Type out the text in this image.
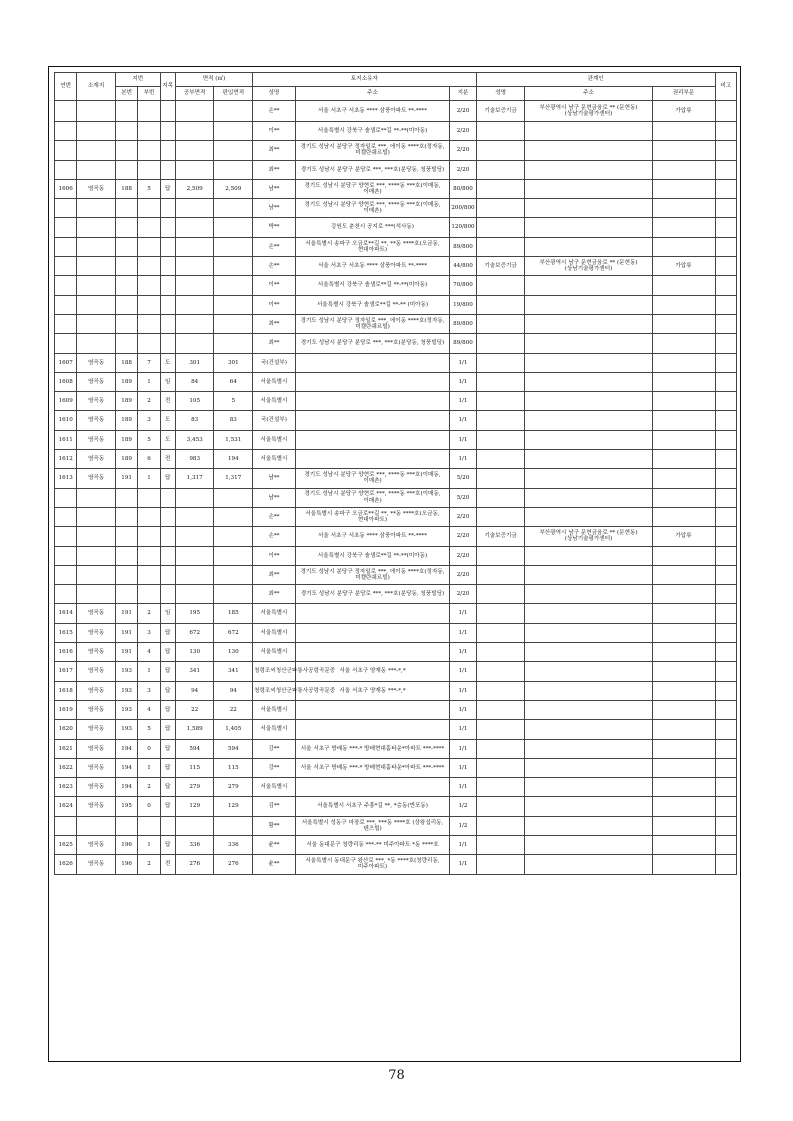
연번	소재지	지번		지목	면적 (㎡)		토지소유자			관계인			비고
		본번	부번		공부면적	편입면적	성명	주소	지분	성명	주소	권리부문	
							손**	서울 서초구 서초동 **** 삼풍아파트 **-****	2/20	기술보증기금	부산광역시 남구 문현금융로 ** (문현동) (상남기술평가센터)	가압류	
							이**	서울특별시 강북구 솔샘로**길 **-**(미아동)	2/20				
							최**	경기도 성남시 분당구 정자일로 ***, 에이동 ****호(정자동, 미켈란쉐르빌)	2/20				
							최**	경기도 성남시 분당구 분당로 ***, ***호(분당동, 청풍빌딩)	2/20				
1606	염곡동	188	5	답	2,509	2,509	남**	경기도 성남시 분당구 양현로 ***, ****동 ***호(이매동, 이매촌)	80/800				
							남**	경기도 성남시 분당구 양현로 ***, ****동 ***호(이매동, 이매촌)	200/800				
							박**	강원도 춘천시 공지로 ***(석사동)	120/800				
							손**	서울특별시 송파구 오금로**길 **, **동 ****호(오금동, 현대아파트)	89/800				
							손**	서울 서초구 서초동 **** 삼풍아파트 **-****	44/800	기술보증기금	부산광역시 남구 문현금융로 ** (문현동) (상남기술평가센터)	가압류	
							이**	서울특별시 강북구 솔샘로**길 **-**(미아동)	70/800				
							이**	서울특별시 강북구 솔샘로**길 **-** (미아동)	19/800				
							최**	경기도 성남시 분당구 정자일로 ***, 에이동 ****호(정자동, 미켈란쉐르빌)	89/800				
							최**	경기도 성남시 분당구 분당로 ***, ***호(분당동, 청풍빌딩)	89/800				
1607	염곡동	188	7	도	301	301	국(건설부)		1/1				
1608	염곡동	189	1	임	84	64	서울특별시		1/1				
1609	염곡동	189	2	전	105	5	서울특별시		1/1				
1610	염곡동	189	3	도	83	83	국(건설부)		1/1				
1611	염곡동	189	5	도	3,453	1,531	서울특별시		1/1				
1612	염곡동	189	6	전	983	194	서울특별시		1/1				
1613	염곡동	191	1	답	1,317	1,317	남**	경기도 성남시 분당구 양현로 ***, ****동 ***호(이매동, 이매촌)	5/20				
							남**	경기도 성남시 분당구 양현로 ***, ****동 ***호(이매동, 이매촌)	5/20				
							손**	서울특별시 송파구 오금로**길 **, **동 ****호(오금동, 현대아파트)	2/20				
							손**	서울 서초구 서초동 **** 삼풍아파트 **-****	2/20	기술보증기금	부산광역시 남구 문현금융로 ** (문현동) (상남기술평가센터)	가압류	
							이**	서울특별시 강북구 솔샘로**길 **-**(미아동)	2/20				
							최**	경기도 성남시 분당구 정자일로 ***, 에이동 ****호(정자동, 미켈란쉐르빌)	2/20				
							최**	경기도 성남시 분당구 분당로 ***, ***호(분당동, 청풍빌딩)	2/20				
1614	염곡동	191	2	임	195	185	서울특별시		1/1				
1615	염곡동	191	3	답	672	672	서울특별시		1/1				
1616	염곡동	191	4	답	130	130	서울특별시		1/1				
1617	염곡동	193	1	답	341	341	청령조씨청산군파통사공령곡문중	서울 서초구 양재동 ***-*,*	1/1				
1618	염곡동	193	3	답	94	94	청령조씨청산군파통사공령곡문중	서울 서초구 양재동 ***-*,*	1/1				
1619	염곡동	193	4	답	22	22	서울특별시		1/1				
1620	염곡동	193	5	답	1,589	1,405	서울특별시		1/1				
1621	염곡동	194	0	답	594	594	강**	서울 서초구 방배동 ***-* 방배현대홈타운*아파트 ***-****	1/1				
1622	염곡동	194	1	답	115	115	강**	서울 서초구 방배동 ***-* 방배현대홈타운*아파트 ***-****	1/1				
1623	염곡동	194	2	답	279	279	서울특별시		1/1				
1624	염곡동	195	0	답	129	129	김**	서울특별시 서초구 주흥*길 **, *층동(반포동)	1/2				
							황**	서울특별시 성동구 마장로 ***, ***동 ****호 (상왕십리동, 텐즈힐)	1/2				
1625	염곡동	196	1	답	336	336	윤**	서울 동대문구 청량리동 ***-** 미주아파트 *동 ****호	1/1				
1626	염곡동	196	2	전	276	276	윤**	서울특별시 동대문구 왕산로 ***, *동 ****호(청량리동, 미주아파트)	1/1				
78
